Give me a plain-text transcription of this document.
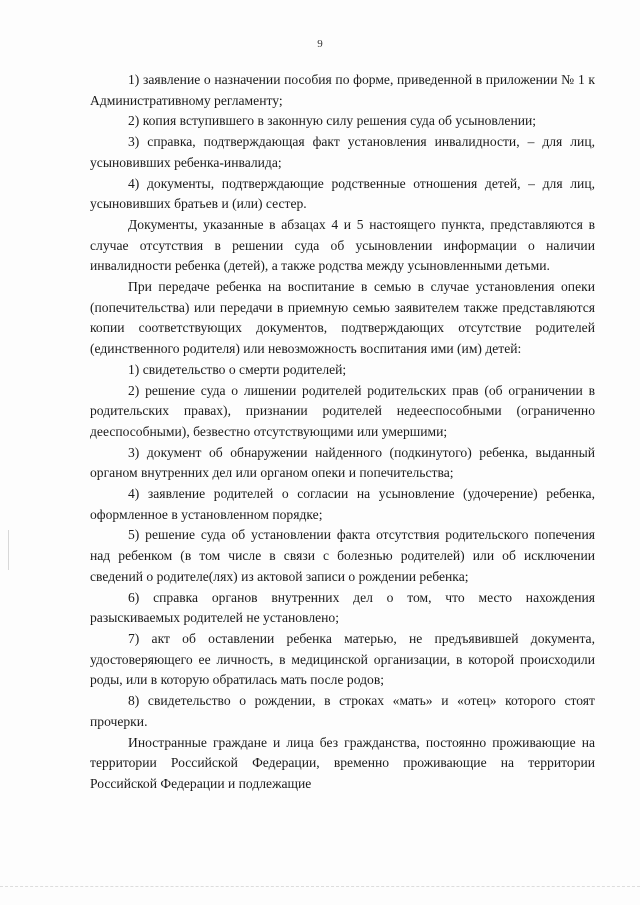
9

1) заявление о назначении пособия по форме, приведенной в приложении № 1 к Административному регламенту;

2) копия вступившего в законную силу решения суда об усыновлении;

3) справка, подтверждающая факт установления инвалидности, – для лиц, усыновивших ребенка-инвалида;

4) документы, подтверждающие родственные отношения детей, – для лиц, усыновивших братьев и (или) сестер.

Документы, указанные в абзацах 4 и 5 настоящего пункта, представляются в случае отсутствия в решении суда об усыновлении информации о наличии инвалидности ребенка (детей), а также родства между усыновленными детьми.

При передаче ребенка на воспитание в семью в случае установления опеки (попечительства) или передачи в приемную семью заявителем также представляются копии соответствующих документов, подтверждающих отсутствие родителей (единственного родителя) или невозможность воспитания ими (им) детей:

1) свидетельство о смерти родителей;

2) решение суда о лишении родителей родительских прав (об ограничении в родительских правах), признании родителей недееспособными (ограниченно дееспособными), безвестно отсутствующими или умершими;

3) документ об обнаружении найденного (подкинутого) ребенка, выданный органом внутренних дел или органом опеки и попечительства;

4) заявление родителей о согласии на усыновление (удочерение) ребенка, оформленное в установленном порядке;

5) решение суда об установлении факта отсутствия родительского попечения над ребенком (в том числе в связи с болезнью родителей) или об исключении сведений о родителе(лях) из актовой записи о рождении ребенка;

6) справка органов внутренних дел о том, что место нахождения разыскиваемых родителей не установлено;

7) акт об оставлении ребенка матерью, не предъявившей документа, удостоверяющего ее личность, в медицинской организации, в которой происходили роды, или в которую обратилась мать после родов;

8) свидетельство о рождении, в строках «мать» и «отец» которого стоят прочерки.

Иностранные граждане и лица без гражданства, постоянно проживающие на территории Российской Федерации, временно проживающие на территории Российской Федерации и подлежащие
